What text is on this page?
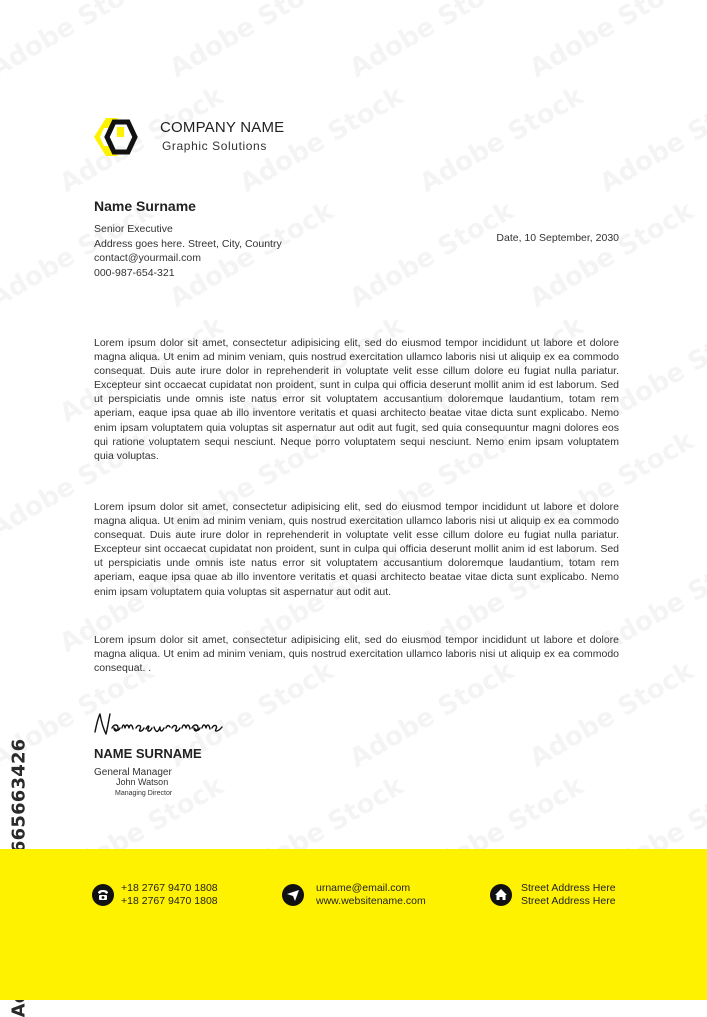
COMPANY NAME
Graphic Solutions
Name Surname
Senior Executive
Address goes here. Street, City, Country
contact@yourmail.com
000-987-654-321
Date, 10 September, 2030
Lorem ipsum dolor sit amet, consectetur adipisicing elit, sed do eiusmod tempor incididunt ut labore et dolore magna aliqua. Ut enim ad minim veniam, quis nostrud exercitation ullamco laboris nisi ut aliquip ex ea commodo consequat. Duis aute irure dolor in reprehenderit in voluptate velit esse cillum dolore eu fugiat nulla pariatur. Excepteur sint occaecat cupidatat non proident, sunt in culpa qui officia deserunt mollit anim id est laborum. Sed ut perspiciatis unde omnis iste natus error sit voluptatem accusantium doloremque laudantium, totam rem aperiam, eaque ipsa quae ab illo inventore veritatis et quasi architecto beatae vitae dicta sunt explicabo. Nemo enim ipsam voluptatem quia voluptas sit aspernatur aut odit aut fugit, sed quia consequuntur magni dolores eos qui ratione voluptatem sequi nesciunt. Neque porro voluptatem sequi nesciunt. Nemo enim ipsam voluptatem quia voluptas.
Lorem ipsum dolor sit amet, consectetur adipisicing elit, sed do eiusmod tempor incididunt ut labore et dolore magna aliqua. Ut enim ad minim veniam, quis nostrud exercitation ullamco laboris nisi ut aliquip ex ea commodo consequat. Duis aute irure dolor in reprehenderit in voluptate velit esse cillum dolore eu fugiat nulla pariatur. Excepteur sint occaecat cupidatat non proident, sunt in culpa qui officia deserunt mollit anim id est laborum. Sed ut perspiciatis unde omnis iste natus error sit voluptatem accusantium doloremque laudantium, totam rem aperiam, eaque ipsa quae ab illo inventore veritatis et quasi architecto beatae vitae dicta sunt explicabo. Nemo enim ipsam voluptatem quia voluptas sit aspernatur aut odit aut.
Lorem ipsum dolor sit amet, consectetur adipisicing elit, sed do eiusmod tempor incididunt ut labore et dolore magna aliqua. Ut enim ad minim veniam, quis nostrud exercitation ullamco laboris nisi ut aliquip ex ea commodo consequat. .
NAME SURNAME
General Manager
John Watson
Managing Director
+18 2767 9470 1808
+18 2767 9470 1808
urname@email.com
www.websitename.com
Street Address Here
Street Address Here
